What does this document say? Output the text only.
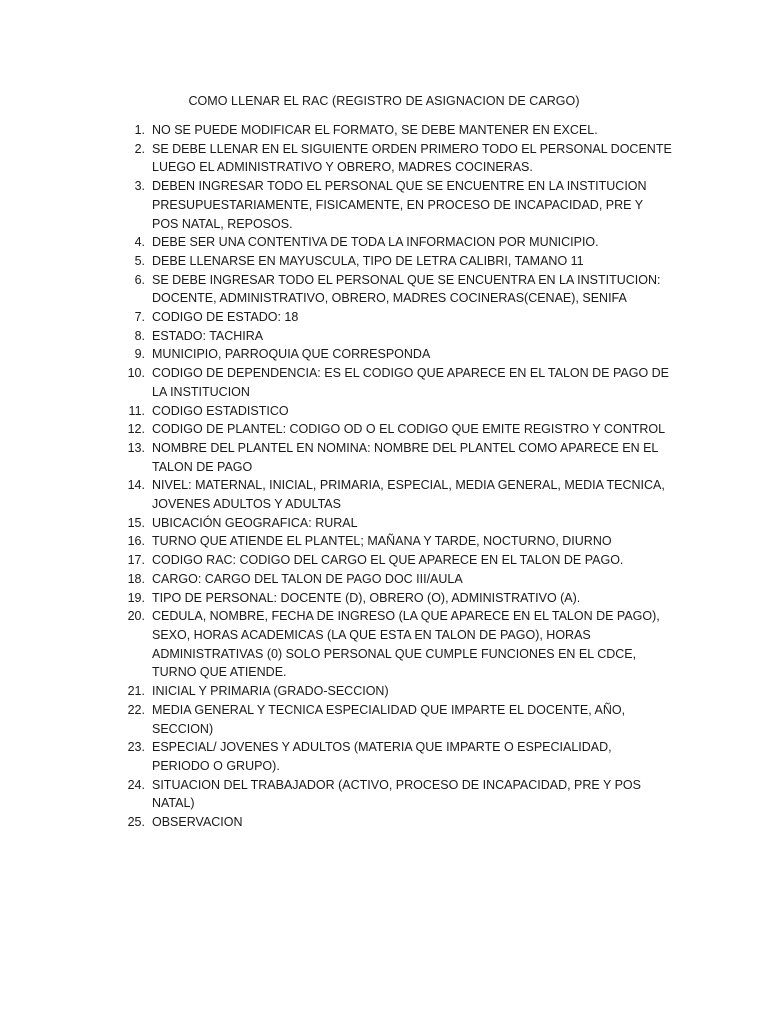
COMO LLENAR EL RAC (REGISTRO DE ASIGNACION DE CARGO)
1. NO SE PUEDE MODIFICAR EL FORMATO, SE DEBE MANTENER EN EXCEL.
2. SE DEBE LLENAR EN EL SIGUIENTE ORDEN PRIMERO TODO EL PERSONAL DOCENTE LUEGO EL ADMINISTRATIVO Y OBRERO, MADRES COCINERAS.
3. DEBEN INGRESAR TODO EL PERSONAL QUE SE ENCUENTRE EN LA INSTITUCION PRESUPUESTARIAMENTE, FISICAMENTE, EN PROCESO DE INCAPACIDAD, PRE Y POS NATAL, REPOSOS.
4. DEBE SER UNA CONTENTIVA DE TODA LA INFORMACION POR MUNICIPIO.
5. DEBE LLENARSE EN MAYUSCULA, TIPO DE LETRA CALIBRI, TAMANO 11
6. SE DEBE INGRESAR TODO EL PERSONAL QUE SE ENCUENTRA EN LA INSTITUCION: DOCENTE, ADMINISTRATIVO, OBRERO, MADRES COCINERAS(CENAE), SENIFA
7. CODIGO DE ESTADO: 18
8. ESTADO: TACHIRA
9. MUNICIPIO, PARROQUIA QUE CORRESPONDA
10. CODIGO DE DEPENDENCIA: ES EL CODIGO QUE APARECE EN EL TALON DE PAGO DE LA INSTITUCION
11. CODIGO ESTADISTICO
12. CODIGO DE PLANTEL: CODIGO OD O EL CODIGO QUE EMITE REGISTRO Y CONTROL
13. NOMBRE DEL PLANTEL EN NOMINA: NOMBRE DEL PLANTEL COMO APARECE EN EL TALON DE PAGO
14. NIVEL: MATERNAL, INICIAL, PRIMARIA, ESPECIAL, MEDIA GENERAL, MEDIA TECNICA, JOVENES ADULTOS Y ADULTAS
15. UBICACIÓN GEOGRAFICA: RURAL
16. TURNO QUE ATIENDE EL PLANTEL; MAÑANA Y TARDE, NOCTURNO, DIURNO
17. CODIGO RAC: CODIGO DEL CARGO EL QUE APARECE EN EL TALON DE PAGO.
18. CARGO: CARGO DEL TALON DE PAGO DOC III/AULA
19. TIPO DE PERSONAL: DOCENTE (D), OBRERO (O), ADMINISTRATIVO (A).
20. CEDULA, NOMBRE, FECHA DE INGRESO (LA QUE APARECE EN EL TALON DE PAGO), SEXO, HORAS ACADEMICAS (LA QUE ESTA EN TALON DE PAGO), HORAS ADMINISTRATIVAS (0) SOLO PERSONAL QUE CUMPLE FUNCIONES EN EL CDCE, TURNO QUE ATIENDE.
21. INICIAL Y PRIMARIA (GRADO-SECCION)
22. MEDIA GENERAL Y TECNICA ESPECIALIDAD QUE IMPARTE EL DOCENTE, AÑO, SECCION)
23. ESPECIAL/ JOVENES Y ADULTOS (MATERIA QUE IMPARTE O ESPECIALIDAD, PERIODO O GRUPO).
24. SITUACION DEL TRABAJADOR (ACTIVO, PROCESO DE INCAPACIDAD, PRE Y POS NATAL)
25. OBSERVACION
